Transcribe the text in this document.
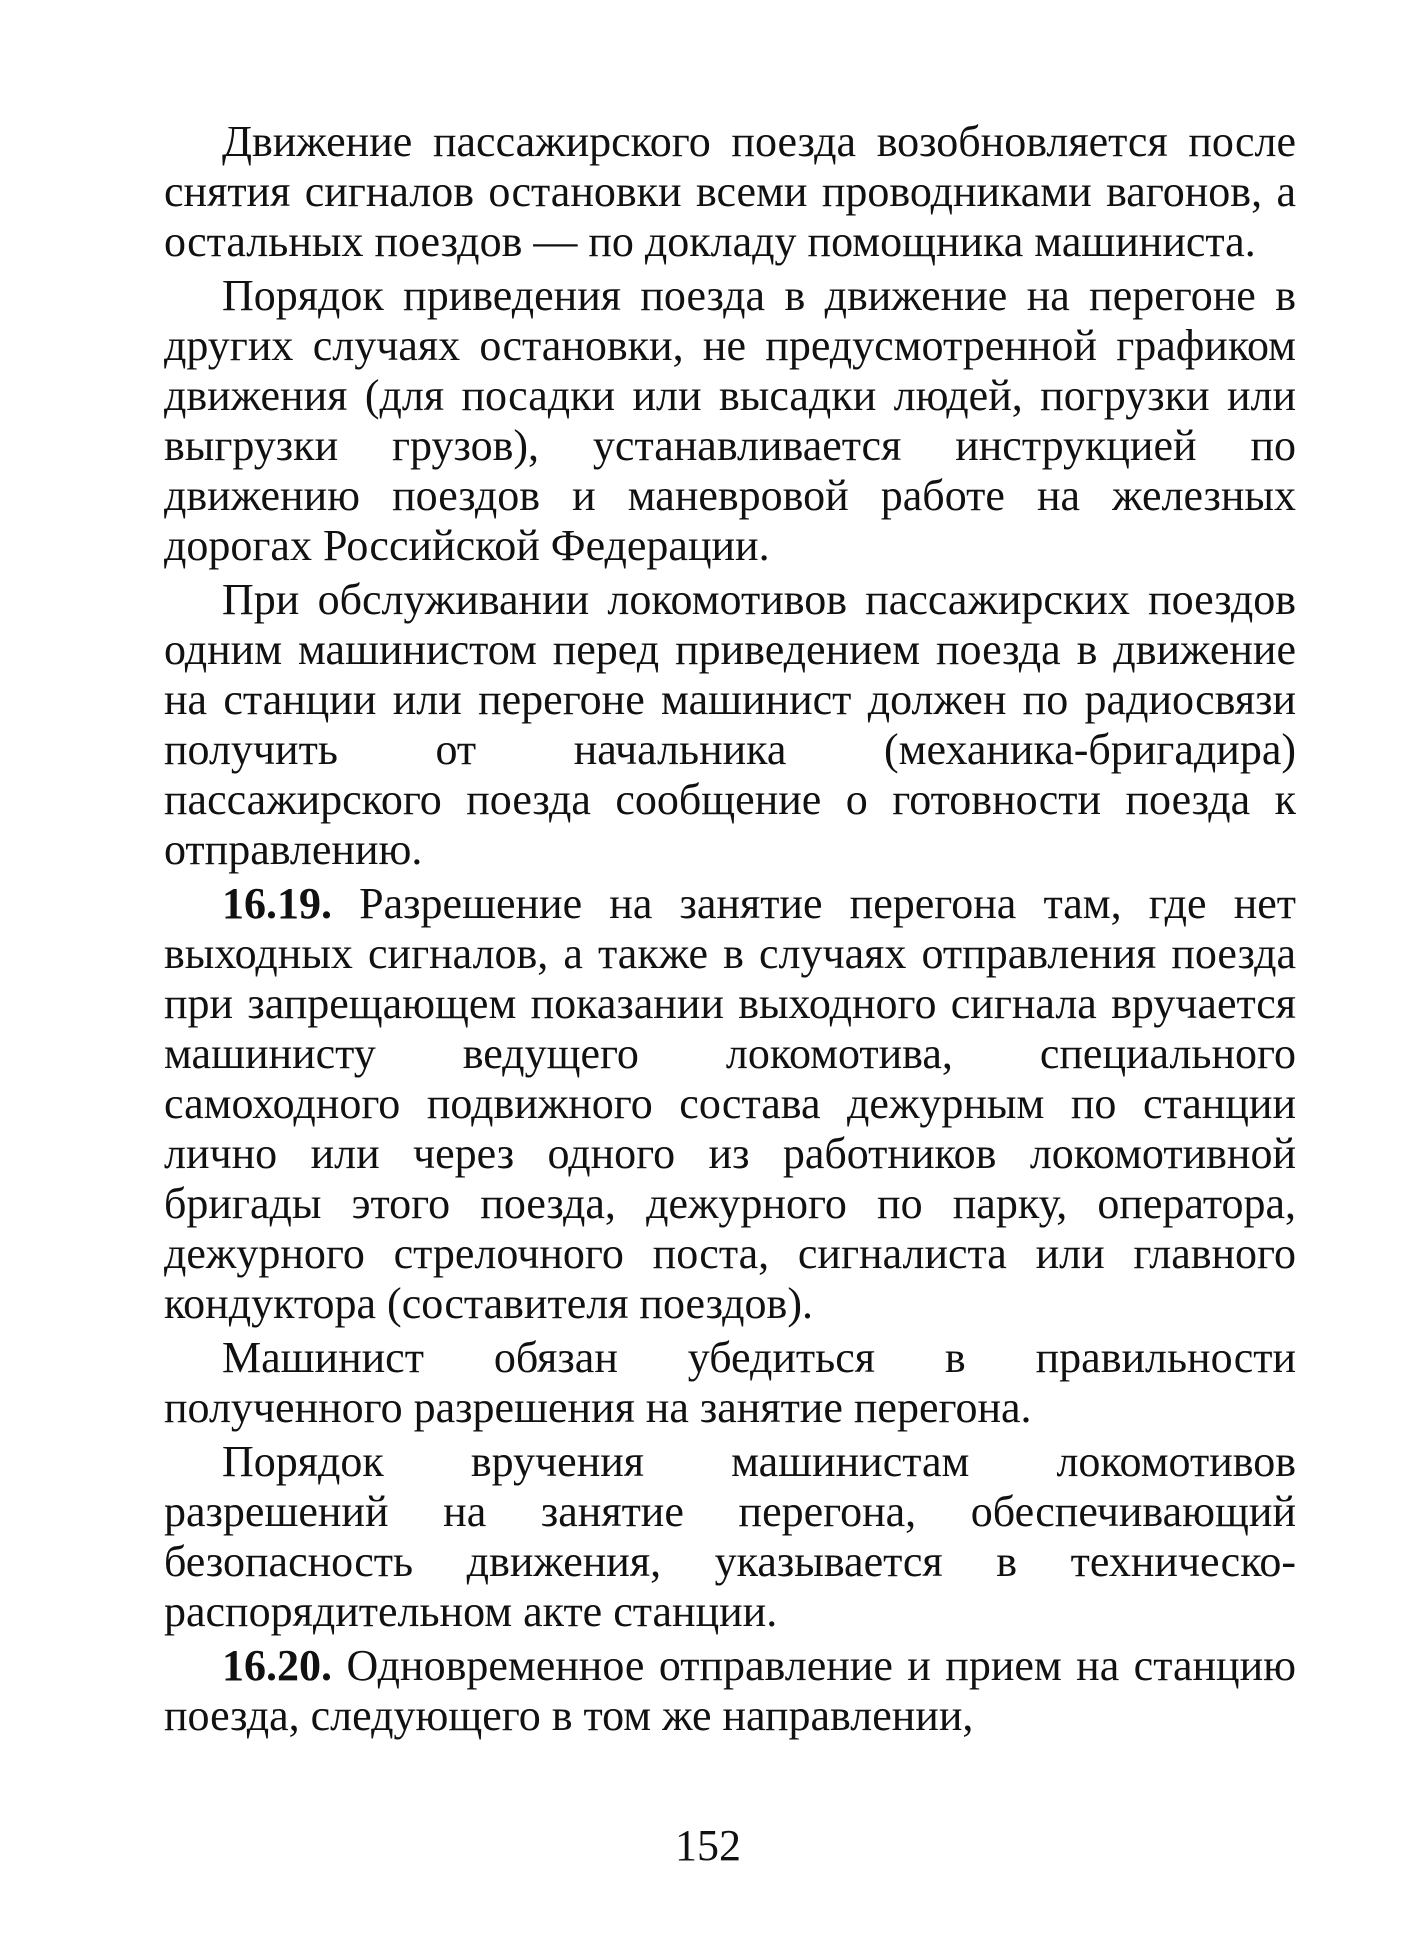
Движение пассажирского поезда возобновляется после снятия сигналов остановки всеми проводниками вагонов, а остальных поездов — по докладу помощника машиниста.

Порядок приведения поезда в движение на перегоне в других случаях остановки, не предусмотренной графиком движения (для посадки или высадки людей, погрузки или выгрузки грузов), устанавливается инструкцией по движению поездов и маневровой работе на железных дорогах Российской Федерации.

При обслуживании локомотивов пассажирских поездов одним машинистом перед приведением поезда в движение на станции или перегоне машинист должен по радиосвязи получить от начальника (механика-бригадира) пассажирского поезда сообщение о готовности поезда к отправлению.

16.19. Разрешение на занятие перегона там, где нет выходных сигналов, а также в случаях отправления поезда при запрещающем показании выходного сигнала вручается машинисту ведущего локомотива, специального самоходного подвижного состава дежурным по станции лично или через одного из работников локомотивной бригады этого поезда, дежурного по парку, оператора, дежурного стрелочного поста, сигналиста или главного кондуктора (составителя поездов).

Машинист обязан убедиться в правильности полученного разрешения на занятие перегона.

Порядок вручения машинистам локомотивов разрешений на занятие перегона, обеспечивающий безопасность движения, указывается в техническо-распорядительном акте станции.

16.20. Одновременное отправление и прием на станцию поезда, следующего в том же направлении,

152
